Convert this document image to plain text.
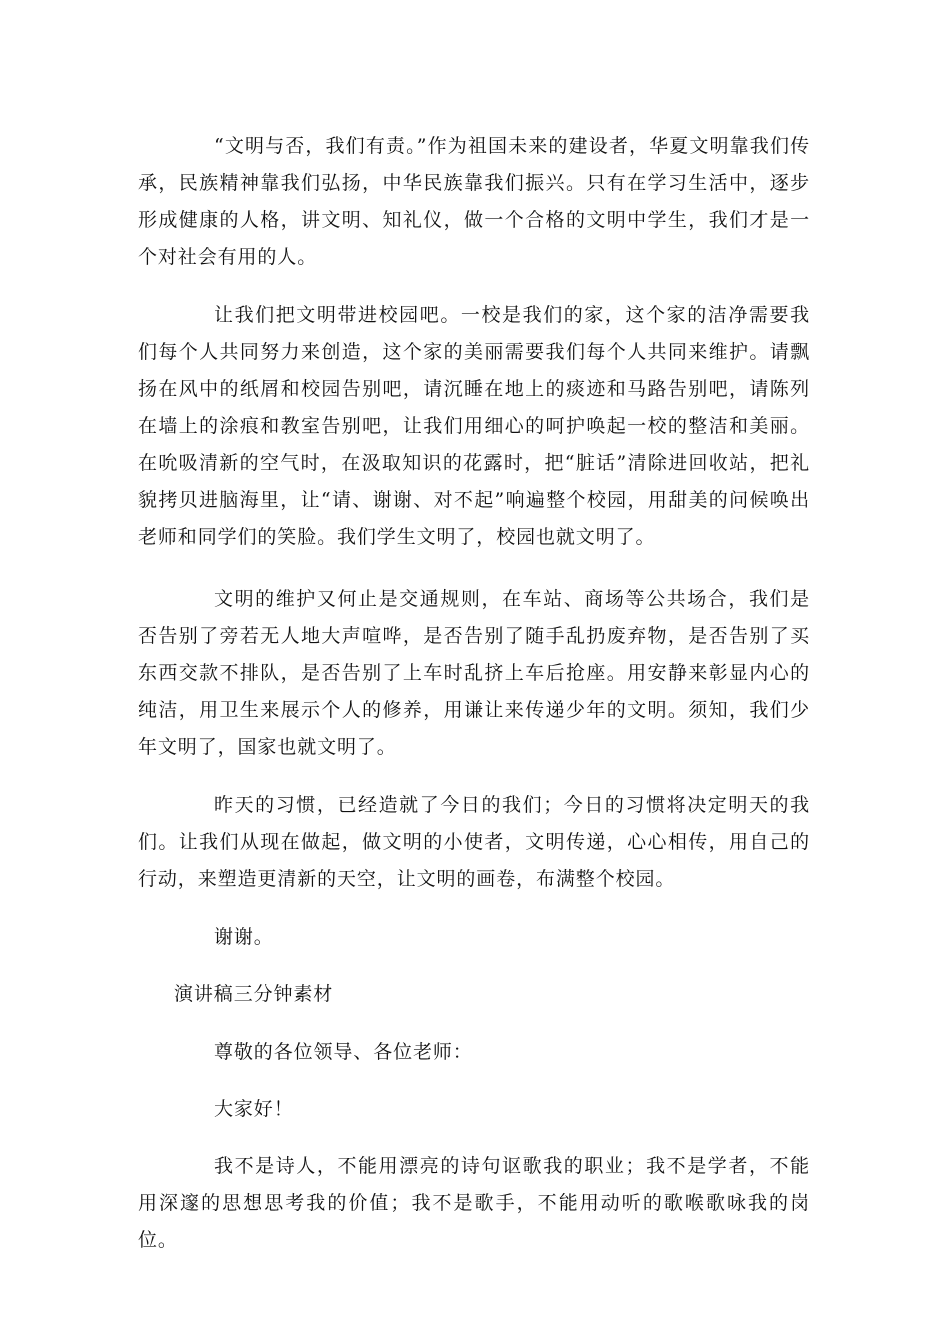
“文明与否，我们有责。”作为祖国未来的建设者，华夏文明靠我们传承，民族精神靠我们弘扬，中华民族靠我们振兴。只有在学习生活中，逐步形成健康的人格，讲文明、知礼仪，做一个合格的文明中学生，我们才是一个对社会有用的人。

让我们把文明带进校园吧。一校是我们的家，这个家的洁净需要我们每个人共同努力来创造，这个家的美丽需要我们每个人共同来维护。请飘扬在风中的纸屑和校园告别吧，请沉睡在地上的痰迹和马路告别吧，请陈列在墙上的涂痕和教室告别吧，让我们用细心的呵护唤起一校的整洁和美丽。在吮吸清新的空气时，在汲取知识的花露时，把“脏话”清除进回收站，把礼貌拷贝进脑海里，让“请、谢谢、对不起”响遍整个校园，用甜美的问候唤出老师和同学们的笑脸。我们学生文明了，校园也就文明了。

文明的维护又何止是交通规则，在车站、商场等公共场合，我们是否告别了旁若无人地大声喧哗，是否告别了随手乱扔废弃物，是否告别了买东西交款不排队，是否告别了上车时乱挤上车后抢座。用安静来彰显内心的纯洁，用卫生来展示个人的修养，用谦让来传递少年的文明。须知，我们少年文明了，国家也就文明了。

昨天的习惯，已经造就了今日的我们；今日的习惯将决定明天的我们。让我们从现在做起，做文明的小使者，文明传递，心心相传，用自己的行动，来塑造更清新的天空，让文明的画卷，布满整个校园。

谢谢。

演讲稿三分钟素材

尊敬的各位领导、各位老师：

大家好！

我不是诗人，不能用漂亮的诗句讴歌我的职业；我不是学者，不能用深邃的思想思考我的价值；我不是歌手，不能用动听的歌喉歌咏我的岗位。
